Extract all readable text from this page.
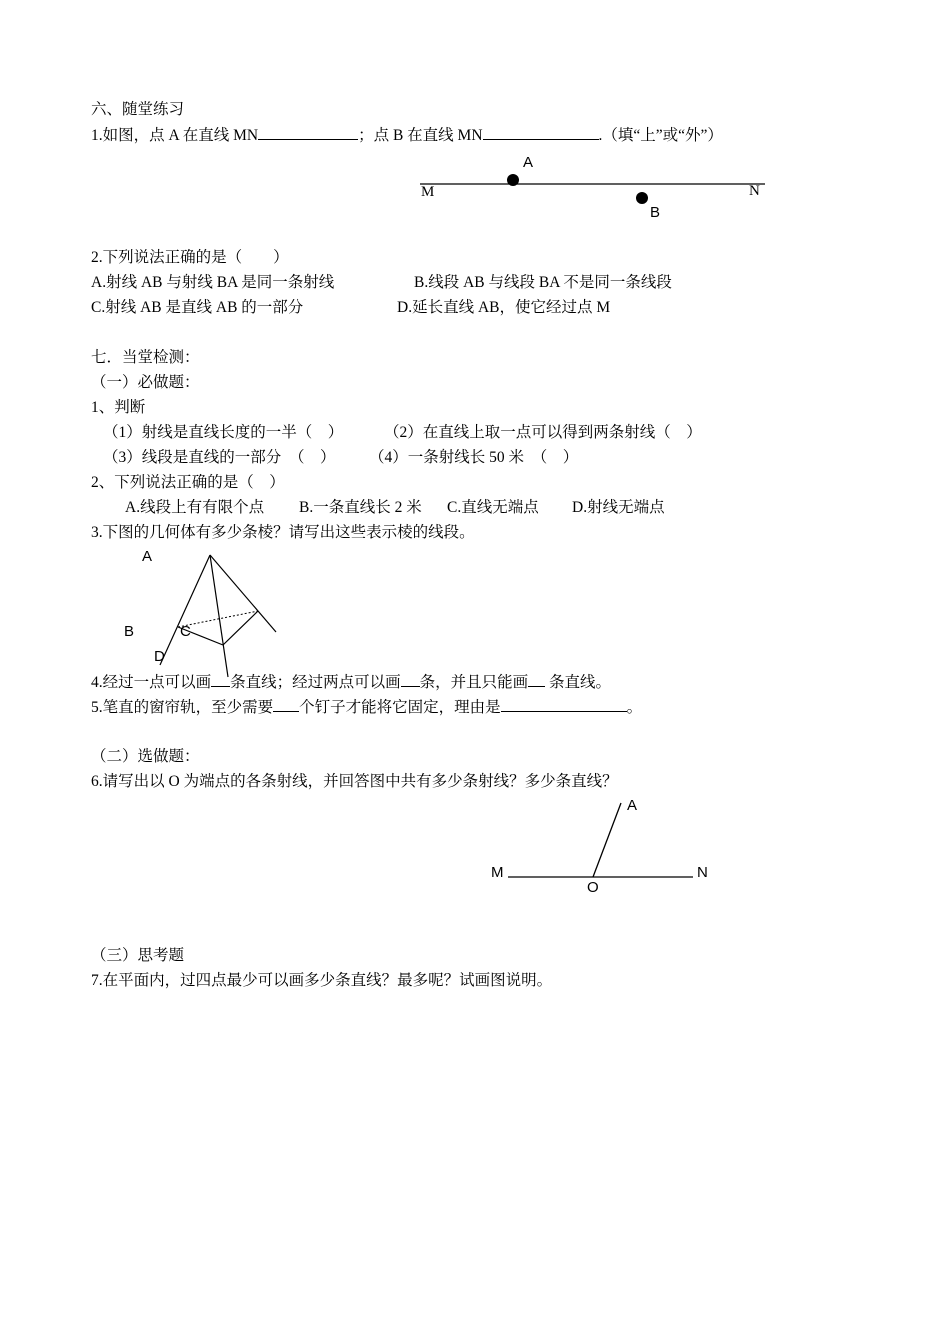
六、随堂练习
1.如图，点 A 在直线 MN	；点 B 在直线 MN	.（填“上”或“外”）
A
M	N
B
2.下列说法正确的是（　　）
A.射线 AB 与射线 BA 是同一条射线	B.线段 AB 与线段 BA 不是同一条线段
C.射线 AB 是直线 AB 的一部分	D.延长直线 AB，使它经过点 M
七．当堂检测：
（一）必做题：
1、判断
（1）射线是直线长度的一半（　）	（2）在直线上取一点可以得到两条射线（　）
（3）线段是直线的一部分　（　） （4）一条射线长 50 米　（　）
2、下列说法正确的是（　）
A.线段上有有限个点 B.一条直线长 2 米 C.直线无端点 D.射线无端点
3.下图的几何体有多少条棱？请写出这些表示棱的线段。
A
B	C
D
4.经过一点可以画 条直线；经过两点可以画 条，并且只能画 条直线。
5.笔直的窗帘轨，至少需要 个钉子才能将它固定，理由是	。
（二）选做题：
6.请写出以 O 为端点的各条射线，并回答图中共有多少条射线？多少条直线？
A
M	N
O
（三）思考题
7.在平面内，过四点最少可以画多少条直线？最多呢？试画图说明。
